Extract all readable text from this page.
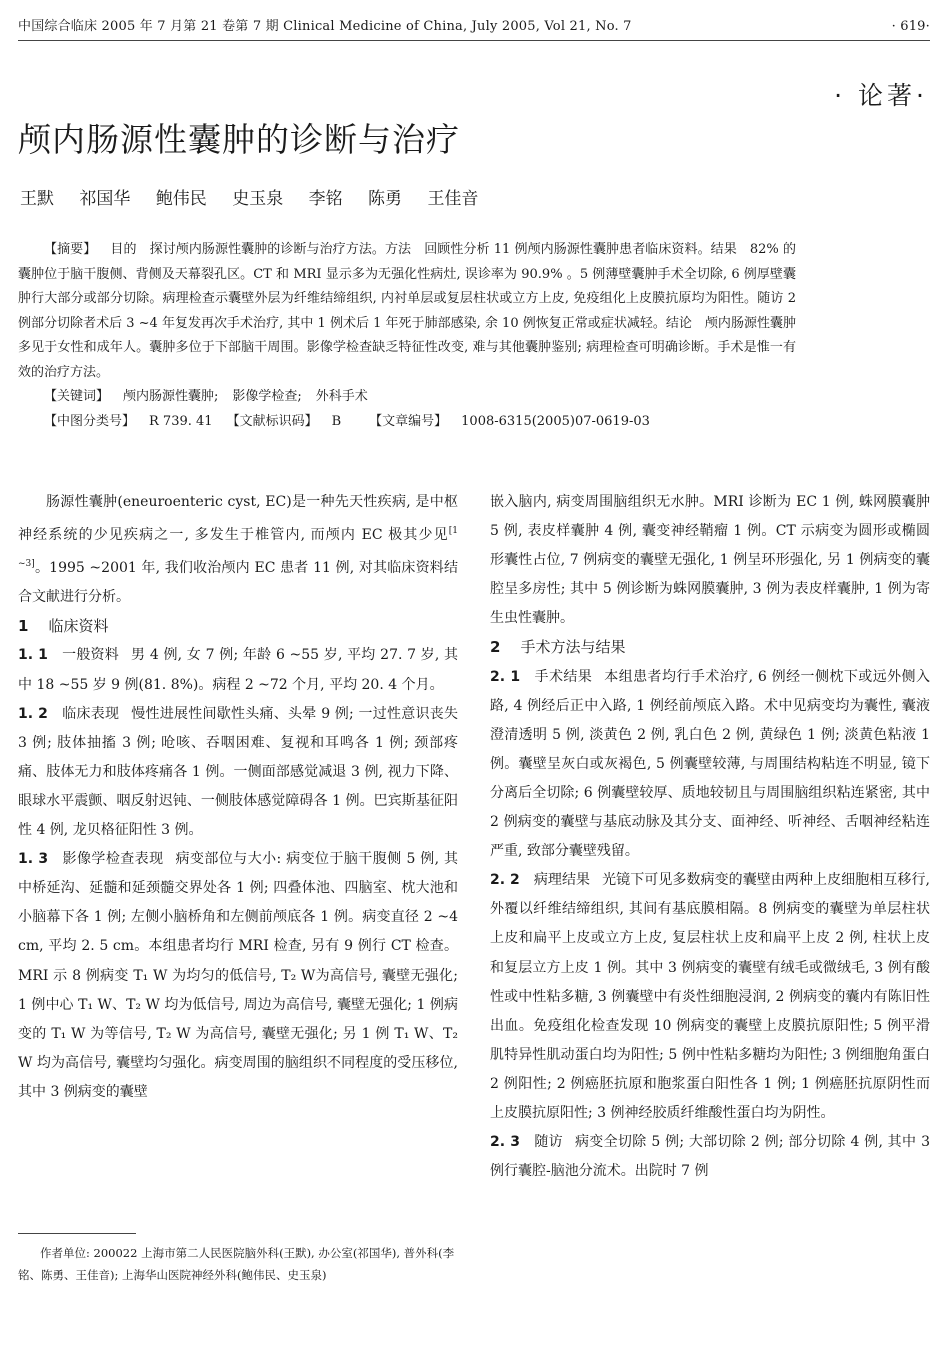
中国综合临床 2005 年 7 月第 21 卷第 7 期 Clinical Medicine of China, July 2005, Vol 21, No. 7	· 619·
· 论著·
颅内肠源性囊肿的诊断与治疗
王默 祁国华 鲍伟民 史玉泉 李铭 陈勇 王佳音

【摘要】 目的　探讨颅内肠源性囊肿的诊断与治疗方法。方法　回顾性分析 11 例颅内肠源性囊肿患者临床资料。结果　82% 的囊肿位于脑干腹侧、背侧及天幕裂孔区。CT 和 MRI 显示多为无强化性病灶, 误诊率为 90.9% 。5 例薄壁囊肿手术全切除, 6 例厚壁囊肿行大部分或部分切除。病理检查示囊壁外层为纤维结缔组织, 内衬单层或复层柱状或立方上皮, 免疫组化上皮膜抗原均为阳性。随访 2 例部分切除者术后 3 ~4 年复发再次手术治疗, 其中 1 例术后 1 年死于肺部感染, 余 10 例恢复正常或症状减轻。结论　颅内肠源性囊肿多见于女性和成年人。囊肿多位于下部脑干周围。影像学检查缺乏特征性改变, 难与其他囊肿鉴别; 病理检查可明确诊断。手术是惟一有效的治疗方法。

【关键词】 颅内肠源性囊肿; 影像学检查; 外科手术

【中图分类号】 R 739. 41 【文献标识码】 B 【文章编号】 1008-6315(2005)07-0619-03

肠源性囊肿(eneuroenteric cyst, EC)是一种先天性疾病, 是中枢神经系统的少见疾病之一, 多发生于椎管内, 而颅内 EC 极其少见[1 ~3]。1995 ~2001 年, 我们收治颅内 EC 患者 11 例, 对其临床资料结合文献进行分析。

1 临床资料

1. 1 一般资料 男 4 例, 女 7 例; 年龄 6 ~55 岁, 平均 27. 7 岁, 其中 18 ~55 岁 9 例(81. 8%)。病程 2 ~72 个月, 平均 20. 4 个月。

1. 2 临床表现 慢性进展性间歇性头痛、头晕 9 例; 一过性意识丧失 3 例; 肢体抽搐 3 例; 呛咳、吞咽困难、复视和耳鸣各 1 例; 颈部疼痛、肢体无力和肢体疼痛各 1 例。一侧面部感觉减退 3 例, 视力下降、眼球水平震颤、咽反射迟钝、一侧肢体感觉障碍各 1 例。巴宾斯基征阳性 4 例, 龙贝格征阳性 3 例。

1. 3 影像学检查表现 病变部位与大小: 病变位于脑干腹侧 5 例, 其中桥延沟、延髓和延颈髓交界处各 1 例; 四叠体池、四脑室、枕大池和小脑幕下各 1 例; 左侧小脑桥角和左侧前颅底各 1 例。病变直径 2 ~4 cm, 平均 2. 5 cm。本组患者均行 MRI 检查, 另有 9 例行 CT 检查。MRI 示 8 例病变 T₁ W 为均匀的低信号, T₂ W为高信号, 囊壁无强化; 1 例中心 T₁ W、T₂ W 均为低信号, 周边为高信号, 囊壁无强化; 1 例病变的 T₁ W 为等信号, T₂ W 为高信号, 囊壁无强化; 另 1 例 T₁ W、T₂ W 均为高信号, 囊壁均匀强化。病变周围的脑组织不同程度的受压移位, 其中 3 例病变的囊壁

作者单位: 200022 上海市第二人民医院脑外科(王默), 办公室(祁国华), 普外科(李铭、陈勇、王佳音); 上海华山医院神经外科(鲍伟民、史玉泉)

嵌入脑内, 病变周围脑组织无水肿。MRI 诊断为 EC 1 例, 蛛网膜囊肿 5 例, 表皮样囊肿 4 例, 囊变神经鞘瘤 1 例。CT 示病变为圆形或椭圆形囊性占位, 7 例病变的囊壁无强化, 1 例呈环形强化, 另 1 例病变的囊腔呈多房性; 其中 5 例诊断为蛛网膜囊肿, 3 例为表皮样囊肿, 1 例为寄生虫性囊肿。

2 手术方法与结果

2. 1 手术结果 本组患者均行手术治疗, 6 例经一侧枕下或远外侧入路, 4 例经后正中入路, 1 例经前颅底入路。术中见病变均为囊性, 囊液澄清透明 5 例, 淡黄色 2 例, 乳白色 2 例, 黄绿色 1 例; 淡黄色粘液 1 例。囊壁呈灰白或灰褐色, 5 例囊壁较薄, 与周围结构粘连不明显, 镜下分离后全切除; 6 例囊壁较厚、质地较韧且与周围脑组织粘连紧密, 其中 2 例病变的囊壁与基底动脉及其分支、面神经、听神经、舌咽神经粘连严重, 致部分囊壁残留。

2. 2 病理结果 光镜下可见多数病变的囊壁由两种上皮细胞相互移行, 外覆以纤维结缔组织, 其间有基底膜相隔。8 例病变的囊壁为单层柱状上皮和扁平上皮或立方上皮, 复层柱状上皮和扁平上皮 2 例, 柱状上皮和复层立方上皮 1 例。其中 3 例病变的囊壁有绒毛或微绒毛, 3 例有酸性或中性粘多糖, 3 例囊壁中有炎性细胞浸润, 2 例病变的囊内有陈旧性出血。免疫组化检查发现 10 例病变的囊壁上皮膜抗原阳性; 5 例平滑肌特异性肌动蛋白均为阳性; 5 例中性粘多糖均为阳性; 3 例细胞角蛋白 2 例阳性; 2 例癌胚抗原和胞浆蛋白阳性各 1 例; 1 例癌胚抗原阴性而上皮膜抗原阳性; 3 例神经胶质纤维酸性蛋白均为阴性。

2. 3 随访 病变全切除 5 例; 大部切除 2 例; 部分切除 4 例, 其中 3 例行囊腔-脑池分流术。出院时 7 例
